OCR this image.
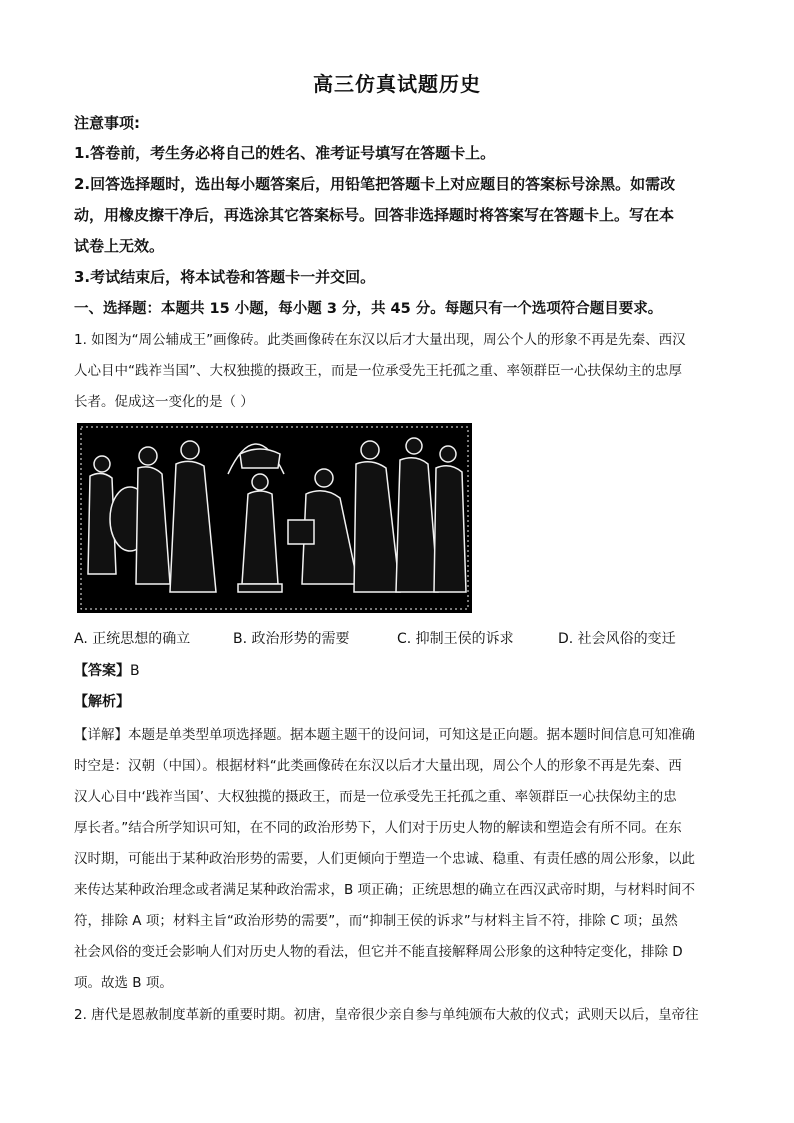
高三仿真试题历史
注意事项:
1.答卷前，考生务必将自己的姓名、准考证号填写在答题卡上。
2.回答选择题时，选出每小题答案后，用铅笔把答题卡上对应题目的答案标号涂黑。如需改
动，用橡皮擦干净后，再选涂其它答案标号。回答非选择题时将答案写在答题卡上。写在本
试卷上无效。
3.考试结束后，将本试卷和答题卡一并交回。
一、选择题：本题共 15 小题，每小题 3 分，共 45 分。每题只有一个选项符合题目要求。
1. 如图为“周公辅成王”画像砖。此类画像砖在东汉以后才大量出现，周公个人的形象不再是先秦、西汉
人心目中“践祚当国”、大权独揽的摄政王，而是一位承受先王托孤之重、率领群臣一心扶保幼主的忠厚
长者。促成这一变化的是（ ）
A. 正统思想的确立	B. 政治形势的需要	C. 抑制王侯的诉求	D. 社会风俗的变迁
【答案】B
【解析】
【详解】本题是单类型单项选择题。据本题主题干的设问词，可知这是正向题。据本题时间信息可知准确
时空是：汉朝（中国）。根据材料“此类画像砖在东汉以后才大量出现，周公个人的形象不再是先秦、西
汉人心目中‘践祚当国’、大权独揽的摄政王，而是一位承受先王托孤之重、率领群臣一心扶保幼主的忠
厚长者。”结合所学知识可知，在不同的政治形势下，人们对于历史人物的解读和塑造会有所不同。在东
汉时期，可能出于某种政治形势的需要，人们更倾向于塑造一个忠诚、稳重、有责任感的周公形象，以此
来传达某种政治理念或者满足某种政治需求，B 项正确；正统思想的确立在西汉武帝时期，与材料时间不
符，排除 A 项；材料主旨“政治形势的需要”，而“抑制王侯的诉求”与材料主旨不符，排除 C 项；虽然
社会风俗的变迁会影响人们对历史人物的看法，但它并不能直接解释周公形象的这种特定变化，排除 D
项。故选 B 项。
2. 唐代是恩赦制度革新的重要时期。初唐，皇帝很少亲自参与单纯颁布大赦的仪式；武则天以后，皇帝往
